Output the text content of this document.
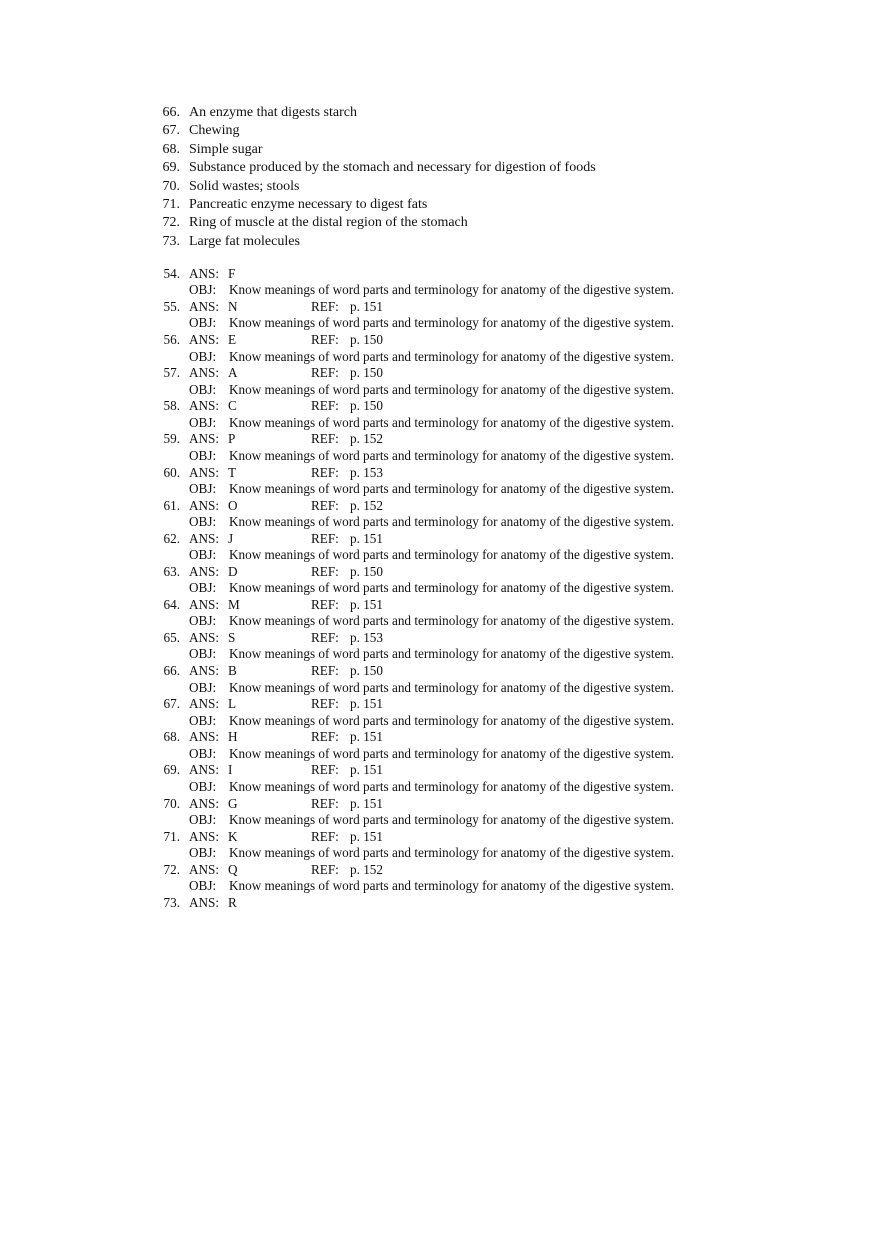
66. An enzyme that digests starch
67. Chewing
68. Simple sugar
69. Substance produced by the stomach and necessary for digestion of foods
70. Solid wastes; stools
71. Pancreatic enzyme necessary to digest fats
72. Ring of muscle at the distal region of the stomach
73. Large fat molecules
54. ANS: F
OBJ: Know meanings of word parts and terminology for anatomy of the digestive system.
55. ANS: N	REF: p. 151
OBJ: Know meanings of word parts and terminology for anatomy of the digestive system.
56. ANS: E	REF: p. 150
OBJ: Know meanings of word parts and terminology for anatomy of the digestive system.
57. ANS: A	REF: p. 150
OBJ: Know meanings of word parts and terminology for anatomy of the digestive system.
58. ANS: C	REF: p. 150
OBJ: Know meanings of word parts and terminology for anatomy of the digestive system.
59. ANS: P	REF: p. 152
OBJ: Know meanings of word parts and terminology for anatomy of the digestive system.
60. ANS: T	REF: p. 153
OBJ: Know meanings of word parts and terminology for anatomy of the digestive system.
61. ANS: O	REF: p. 152
OBJ: Know meanings of word parts and terminology for anatomy of the digestive system.
62. ANS: J	REF: p. 151
OBJ: Know meanings of word parts and terminology for anatomy of the digestive system.
63. ANS: D	REF: p. 150
OBJ: Know meanings of word parts and terminology for anatomy of the digestive system.
64. ANS: M	REF: p. 151
OBJ: Know meanings of word parts and terminology for anatomy of the digestive system.
65. ANS: S	REF: p. 153
OBJ: Know meanings of word parts and terminology for anatomy of the digestive system.
66. ANS: B	REF: p. 150
OBJ: Know meanings of word parts and terminology for anatomy of the digestive system.
67. ANS: L	REF: p. 151
OBJ: Know meanings of word parts and terminology for anatomy of the digestive system.
68. ANS: H	REF: p. 151
OBJ: Know meanings of word parts and terminology for anatomy of the digestive system.
69. ANS: I	REF: p. 151
OBJ: Know meanings of word parts and terminology for anatomy of the digestive system.
70. ANS: G	REF: p. 151
OBJ: Know meanings of word parts and terminology for anatomy of the digestive system.
71. ANS: K	REF: p. 151
OBJ: Know meanings of word parts and terminology for anatomy of the digestive system.
72. ANS: Q	REF: p. 152
OBJ: Know meanings of word parts and terminology for anatomy of the digestive system.
73. ANS: R
